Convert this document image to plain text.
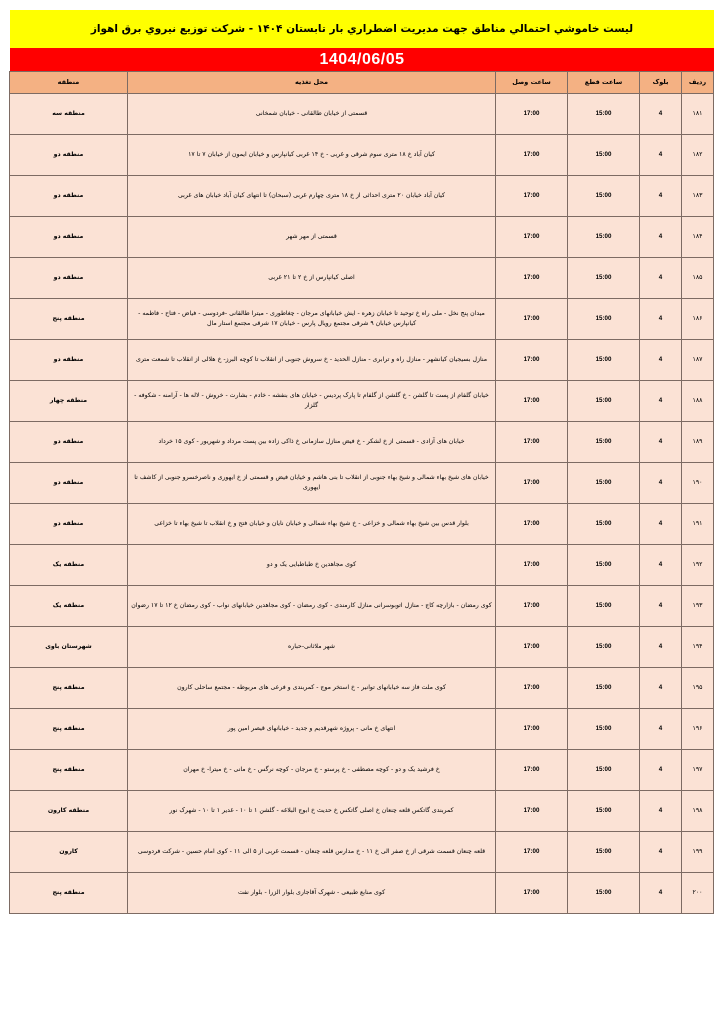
ليست خاموشي احتمالي مناطق جهت مديريت اضطراري بار تابستان ۱۴۰۴ - شركت توزيع نيروي برق اهواز
1404/06/05
رديف	بلوک	ساعت قطع	ساعت وصل	محل تغذيه	منطقه
۱۸۱	4	15:00	17:00	قسمتی از خیابان طالقانی - خیابان شمخانی	منطقه سه
۱۸۲	4	15:00	17:00	کیان آباد خ ۱۸ متری سوم شرقی و غربی - خ ۱۴ غربی کیانپارس و خیابان ایمون از خیابان ۷ تا ۱۷	منطقه دو
۱۸۳	4	15:00	17:00	کیان آباد خیابان ۲۰ متری احداثی از خ ۱۸ متری چهارم غربی (سبحان) تا انتهای کیان آباد خیابان های غربی	منطقه دو
۱۸۴	4	15:00	17:00	قسمتی از مهر شهر	منطقه دو
۱۸۵	4	15:00	17:00	اصلی کیانپارس از خ ۲ تا ۲۱ غربی	منطقه دو
۱۸۶	4	15:00	17:00	ميدان پنج نخل - ملی راه خ توحید تا خیابان زهره - ایش خیابانهای مرجان - چغاطوری - میترا طالقانی -فردوسی - فیاض - فتاح - فاطمه - کیانپارس خیابان ۹ شرقی مجتمع رویال پارس - خیابان ۱۷ شرقی مجتمع استار مال	منطقه پنج
۱۸۷	4	15:00	17:00	منازل بسیجیان کیانشهر - منازل راه و ترابری - منازل الحدید - خ سروش جنوبی از انقلاب تا کوچه البرز- خ هلالی از انقلاب تا شمعت متری	منطقه دو
۱۸۸	4	15:00	17:00	خیابان گلفام از پست تا گلشن - خ گلشن از گلفام تا پارک پردیس - خیابان های بنفشه - خادم - بشارت - خروش - لاله ها - آرامنه - شکوفه - گلزار	منطقه چهار
۱۸۹	4	15:00	17:00	خیابان های آزادی - قسمتی از خ لشکر - خ فیض منازل سازمانی خ ذاکی زاده بین پست مرداد و شهریور - کوی ۱۵ خرداد	منطقه دو
۱۹۰	4	15:00	17:00	خیابان های شیخ بهاء شمالی و شیخ بهاء جنوبی از انقلاب تا بنی هاشم و خیابان فیض و قسمتی از خ ایهوری و ناصرخسرو جنوبی از کاشف تا ایهوری	منطقه دو
۱۹۱	4	15:00	17:00	بلوار قدس بین شیخ بهاء شمالی و خزاعی - خ شیخ بهاء شمالی و خیابان نایان و خیابان فتح و خ انقلاب تا شیخ بهاء تا خزاعی	منطقه دو
۱۹۲	4	15:00	17:00	کوی مجاهدین خ طباطبایی یک و دو	منطقه یک
۱۹۳	4	15:00	17:00	کوی رمضان - بازارچه کاج - منازل اتوبوسرانی منازل کارمندی - کوی رمضان - کوی مجاهدین خیابانهای نواب - کوی رمضان خ ۱۲ تا ۱۷ رضوان	منطقه یک
۱۹۴	4	15:00	17:00	شهر ملاثانی-حباره	شهرستان باوی
۱۹۵	4	15:00	17:00	کوی ملت فاز سه خیابانهای توانیر - خ استخر موج - کمربندی و فرعی های مربوطه - مجتمع ساحلی کارون	منطقه پنج
۱۹۶	4	15:00	17:00	انتهای خ مانی - پروژه شهرقدیم و جدید - خیابانهای قیصر امین پور	منطقه پنج
۱۹۷	4	15:00	17:00	خ فرشید یک و دو - کوچه مصطفی - خ پرستو - خ مرجان - کوچه نرگس - خ مانی - خ میترا- خ مهران	منطقه پنج
۱۹۸	4	15:00	17:00	کمربندی گاتکس قلعه چنعان خ اصلی گاتکس خ حدیث خ ابوج البلاغه - گلشن ۱ تا ۱۰ - غدیر ۱ تا ۱۰ - شهرک نور	منطقه کارون
۱۹۹	4	15:00	17:00	قلعه چنعان قسمت شرقی از خ صفر الی خ ۱۱ - خ مدارس قلعه چنعان - قسمت غربی از ۵ الی ۱۱ - کوی امام حسین - شرکت فردوسی	کارون
۲۰۰	4	15:00	17:00	کوی منابع طبیعی - شهرک آقاجاری بلوار الزرا - بلوار نفت	منطقه پنج
